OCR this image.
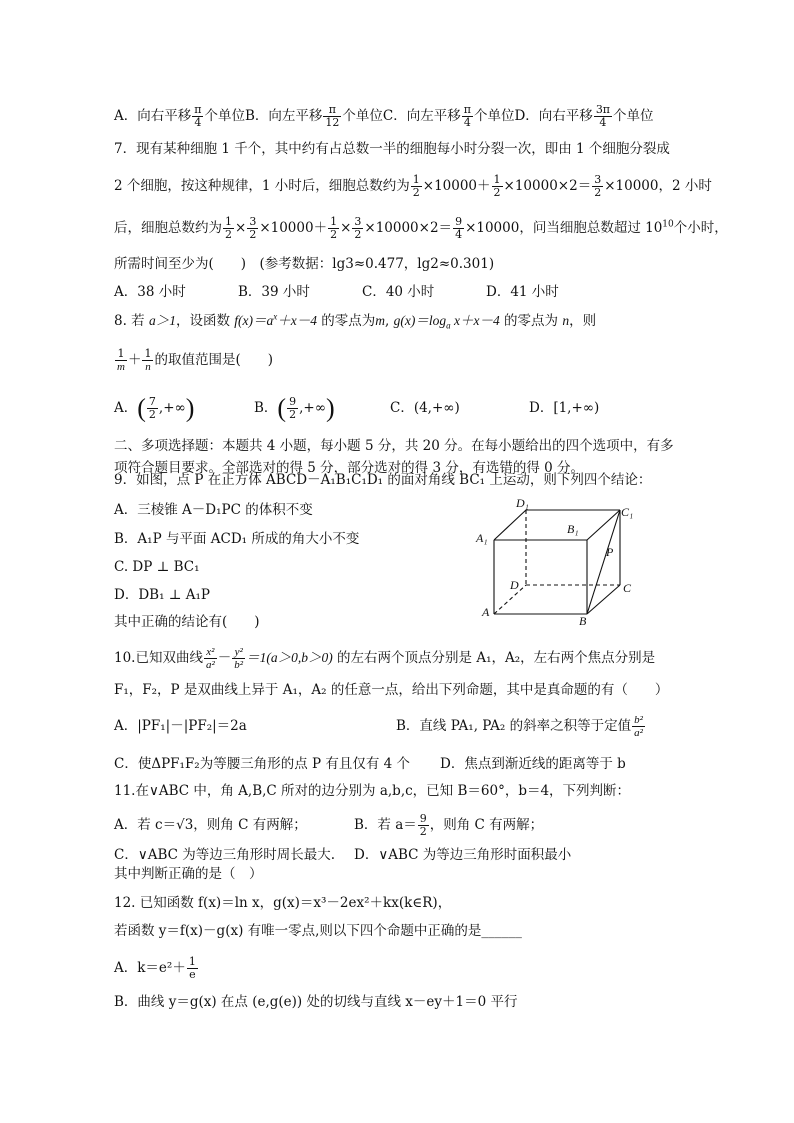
A．向右平移 $\frac{\pi}{4}$ 个单位B．向左平移 $\frac{\pi}{12}$ 个单位C．向左平移 $\frac{\pi}{4}$ 个单位D．向右平移 $\frac{3\pi}{4}$ 个单位
7．现有某种细胞 1 千个，其中约有占总数一半的细胞每小时分裂一次，即由 1 个细胞分裂成
2 个细胞，按这种规律，1 小时后，细胞总数约为 $\frac{1}{2} \times 10000+ \frac{1}{2} \times 10000\times 2= \frac{3}{2} \times 10000$，2 小时
后，细胞总数约为 $\frac{1}{2} \times \frac{3}{2} \times 10000+ \frac{1}{2} \times \frac{3}{2} \times 10000\times 2= \frac{9}{4} \times 10000$，问当细胞总数超过 $10^{10}$个小时，
所需时间至少为(　　)　(参考数据：lg3≈0.477，lg2≈0.301)
A．38 小时	B．39 小时	C．40 小时	D．41 小时
8. 若 a＞1，设函数 $f(x)=a^x+x-4$ 的零点为m, $g(x)=\log_a$ x＋x－4 的零点为 n，则
$\frac{1}{m} + \frac{1}{n}$ 的取值范围是(　　)
A．( $\frac{7}{2}$ ,+∞)	B．( $\frac{9}{2}$ ,+∞)	C．(4,+∞)	D．[1,+∞)
二、多项选择题：本题共 4 小题，每小题 5 分，共 20 分。在每小题给出的四个选项中，有多
项符合题目要求。全部选对的得 5 分，部分选对的得 3 分，有选错的得 0 分。
9．如图，点 P 在正方体 ABCD－A₁B₁C₁D₁ 的面对角线 BC₁ 上运动，则下列四个结论：
A．三棱锥 A－D₁PC 的体积不变
B．A₁P 与平面 ACD₁ 所成的角大小不变
C. DP ⊥ BC₁
D．DB₁ ⊥ A₁P
其中正确的结论有(　　)
D₁
C₁
B₁
A₁
P
D	C
A
B
10.已知双曲线 $\frac{\text{x²}}{\text{a²}} - \frac{\text{y²}}{\text{b²}} =1(a>0,b>0)$ 的左右两个顶点分别是 A₁，A₂，左右两个焦点分别是
F₁，F₂，P 是双曲线上异于 A₁，A₂ 的任意一点，给出下列命题，其中是真命题的有（　　）
A．|PF₁|－|PF₂|＝2a	B．直线 PA₁, PA₂ 的斜率之积等于定值 $\frac{\text{b²}}{\text{a²}}$
C．使ΔPF₁F₂为等腰三角形的点 P 有且仅有 4 个 D．焦点到渐近线的距离等于 b
11.在∨ABC 中，角 A,B,C 所对的边分别为 a,b,c，已知 B＝60°，b＝4，下列判断：
A．若 c＝√3，则角 C 有两解；	B．若 $a= \frac{9}{2}$ ，则角 C 有两解；
C．∨ABC 为等边三角形时周长最大. D．∨ABC 为等边三角形时面积最小
其中判断正确的是（　）
12. 已知函数 f(x)＝ln x，g(x)＝x³－2ex²＋kx(k∈R)，
若函数 y＝f(x)－g(x) 有唯一零点,则以下四个命题中正确的是______
A．$k=e^2+ \frac{1}{e}$
B．曲线 y＝g(x) 在点 (e,g(e)) 处的切线与直线 x－ey＋1＝0 平行
